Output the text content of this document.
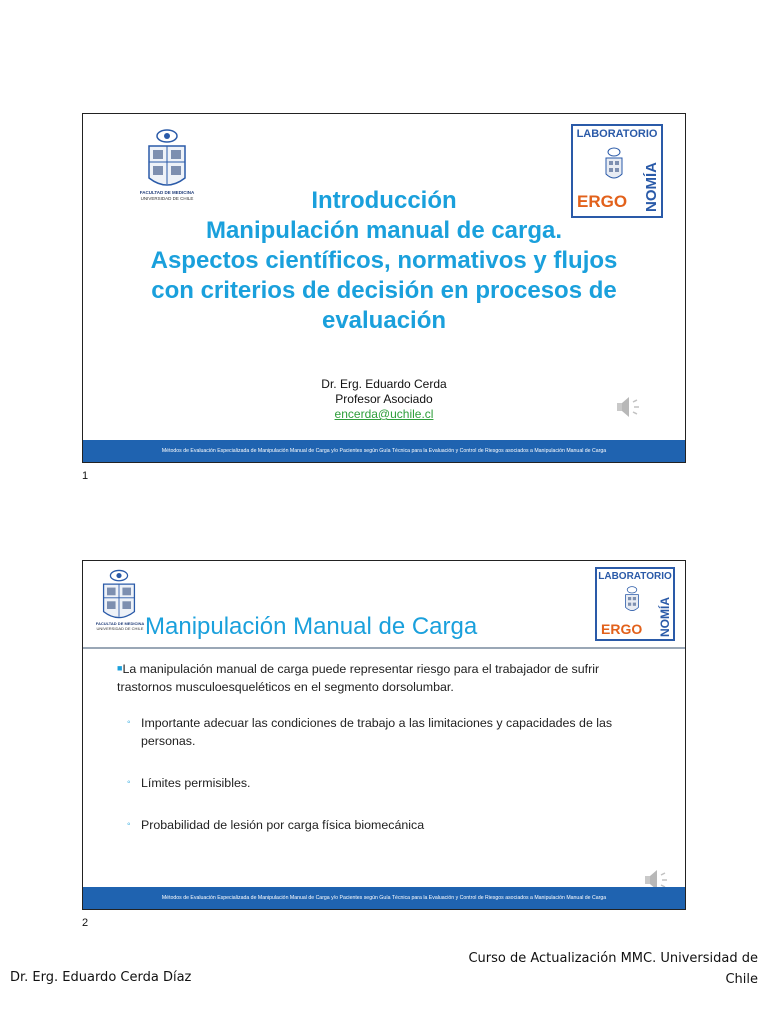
FACULTAD DE MEDICINA
UNIVERSIDAD DE CHILE
LABORATORIO
ERGO NOMÍA
Introducción
Manipulación manual de carga.
Aspectos científicos, normativos y flujos
con criterios de decisión en procesos de
evaluación
Dr. Erg. Eduardo Cerda
Profesor Asociado
encerda@uchile.cl
Métodos de Evaluación Especializada de Manipulación Manual de Carga y/o Pacientes según Guía Técnica para la Evaluación y Control de Riesgos asociados a Manipulación Manual de Carga
1
FACULTAD DE MEDICINA
UNIVERSIDAD DE CHILE
LABORATORIO
ERGO NOMÍA
Manipulación Manual de Carga

■La manipulación manual de carga puede representar riesgo para el trabajador de sufrir trastornos musculoesqueléticos en el segmento dorsolumbar.

◦ Importante adecuar las condiciones de trabajo a las limitaciones y capacidades de las personas.

◦ Límites permisibles.

◦ Probabilidad de lesión por carga física biomecánica

Métodos de Evaluación Especializada de Manipulación Manual de Carga y/o Pacientes según Guía Técnica para la Evaluación y Control de Riesgos asociados a Manipulación Manual de Carga
2
Dr. Erg. Eduardo Cerda Díaz
Curso de Actualización MMC. Universidad de
Chile
